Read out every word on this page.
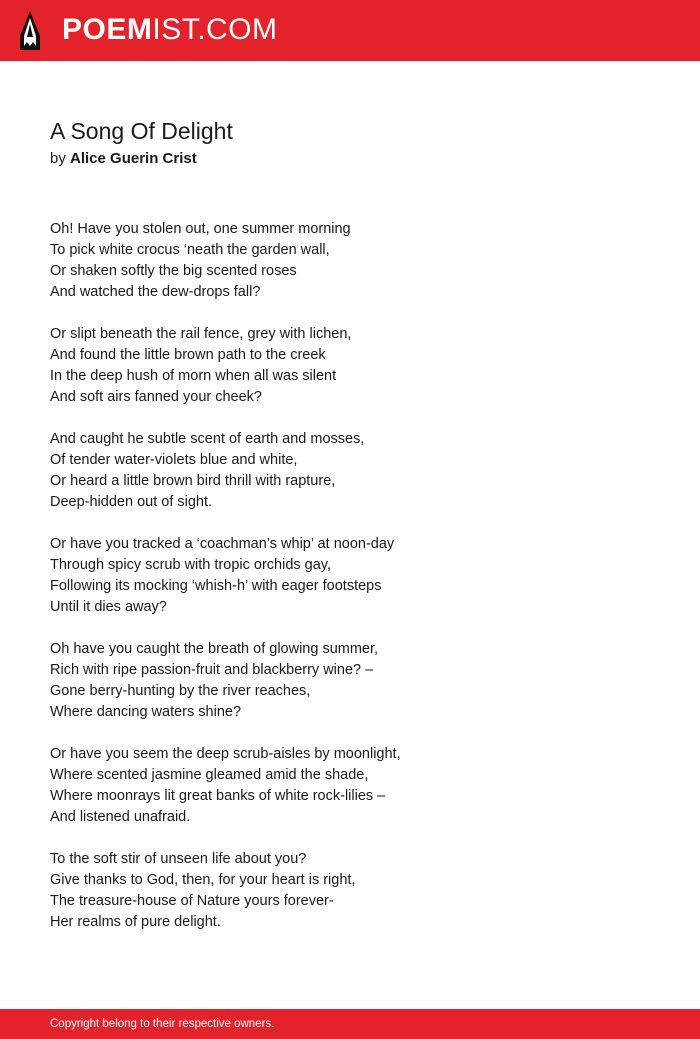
POEMIST.COM
A Song Of Delight
by Alice Guerin Crist
Oh! Have you stolen out, one summer morning
To pick white crocus ‘neath the garden wall,
Or shaken softly the big scented roses
And watched the dew-drops fall?
Or slipt beneath the rail fence, grey with lichen,
And found the little brown path to the creek
In the deep hush of morn when all was silent
And soft airs fanned your cheek?
And caught he subtle scent of earth and mosses,
Of tender water-violets blue and white,
Or heard a little brown bird thrill with rapture,
Deep-hidden out of sight.
Or have you tracked a ‘coachman’s whip’ at noon-day
Through spicy scrub with tropic orchids gay,
Following its mocking ‘whish-h’ with eager footsteps
Until it dies away?
Oh have you caught the breath of glowing summer,
Rich with ripe passion-fruit and blackberry wine? –
Gone berry-hunting by the river reaches,
Where dancing waters shine?
Or have you seem the deep scrub-aisles by moonlight,
Where scented jasmine gleamed amid the shade,
Where moonrays lit great banks of white rock-lilies –
And listened unafraid.
To the soft stir of unseen life about you?
Give thanks to God, then, for your heart is right,
The treasure-house of Nature yours forever-
Her realms of pure delight.
Copyright belong to their respective owners.
